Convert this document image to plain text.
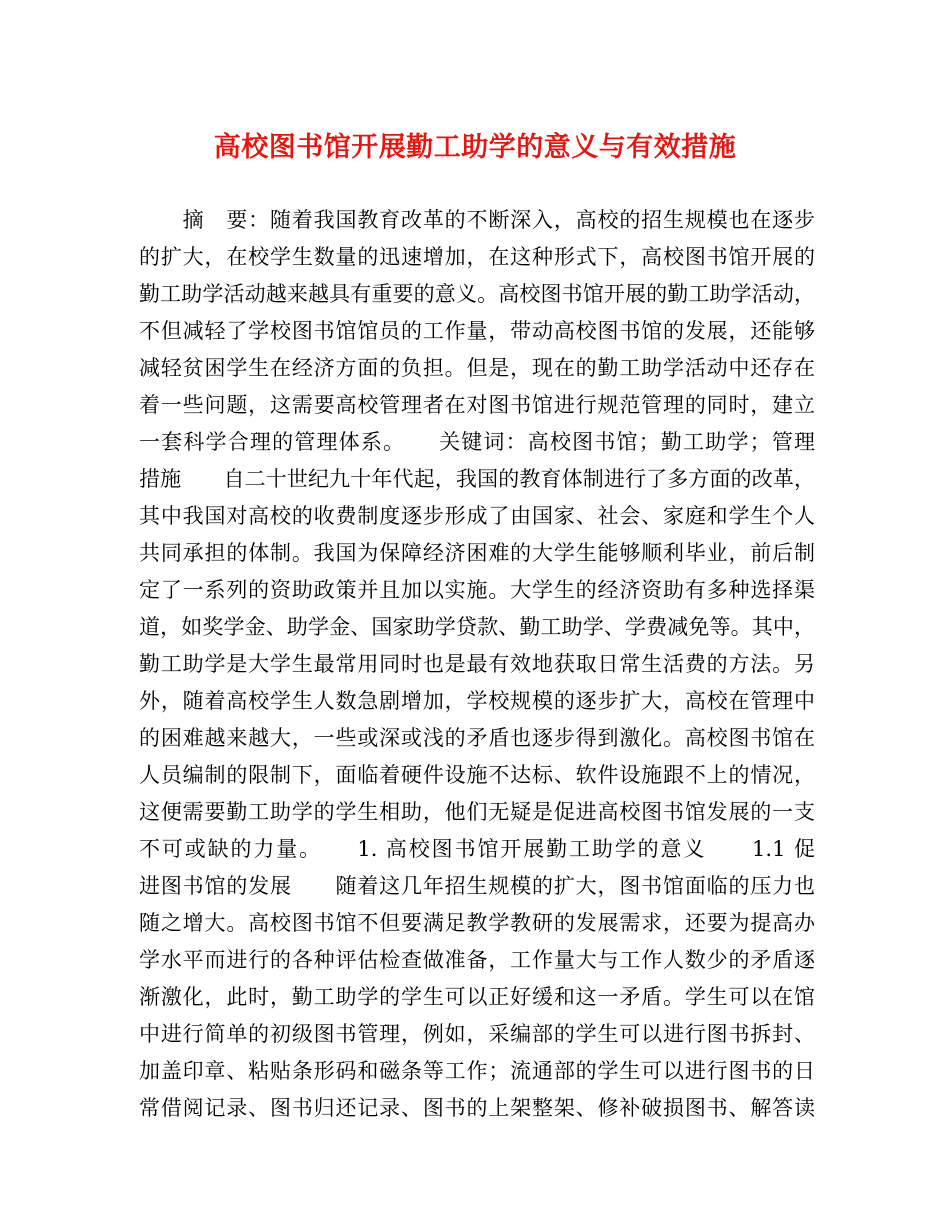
高校图书馆开展勤工助学的意义与有效措施
　　摘　要：随着我国教育改革的不断深入，高校的招生规模也在逐步
的扩大，在校学生数量的迅速增加，在这种形式下，高校图书馆开展的
勤工助学活动越来越具有重要的意义。高校图书馆开展的勤工助学活动，
不但减轻了学校图书馆馆员的工作量，带动高校图书馆的发展，还能够
减轻贫困学生在经济方面的负担。但是，现在的勤工助学活动中还存在
着一些问题，这需要高校管理者在对图书馆进行规范管理的同时，建立
一套科学合理的管理体系。　　关键词：高校图书馆；勤工助学；管理
措施　　自二十世纪九十年代起，我国的教育体制进行了多方面的改革，
其中我国对高校的收费制度逐步形成了由国家、社会、家庭和学生个人
共同承担的体制。我国为保障经济困难的大学生能够顺利毕业，前后制
定了一系列的资助政策并且加以实施。大学生的经济资助有多种选择渠
道，如奖学金、助学金、国家助学贷款、勤工助学、学费减免等。其中，
勤工助学是大学生最常用同时也是最有效地获取日常生活费的方法。另
外，随着高校学生人数急剧增加，学校规模的逐步扩大，高校在管理中
的困难越来越大，一些或深或浅的矛盾也逐步得到激化。高校图书馆在
人员编制的限制下，面临着硬件设施不达标、软件设施跟不上的情况，
这便需要勤工助学的学生相助，他们无疑是促进高校图书馆发展的一支
不可或缺的力量。　　1. 高校图书馆开展勤工助学的意义　　1.1 促
进图书馆的发展　　随着这几年招生规模的扩大，图书馆面临的压力也
随之增大。高校图书馆不但要满足教学教研的发展需求，还要为提高办
学水平而进行的各种评估检查做准备，工作量大与工作人数少的矛盾逐
渐激化，此时，勤工助学的学生可以正好缓和这一矛盾。学生可以在馆
中进行简单的初级图书管理，例如，采编部的学生可以进行图书拆封、
加盖印章、粘贴条形码和磁条等工作；流通部的学生可以进行图书的日
常借阅记录、图书归还记录、图书的上架整架、修补破损图书、解答读
